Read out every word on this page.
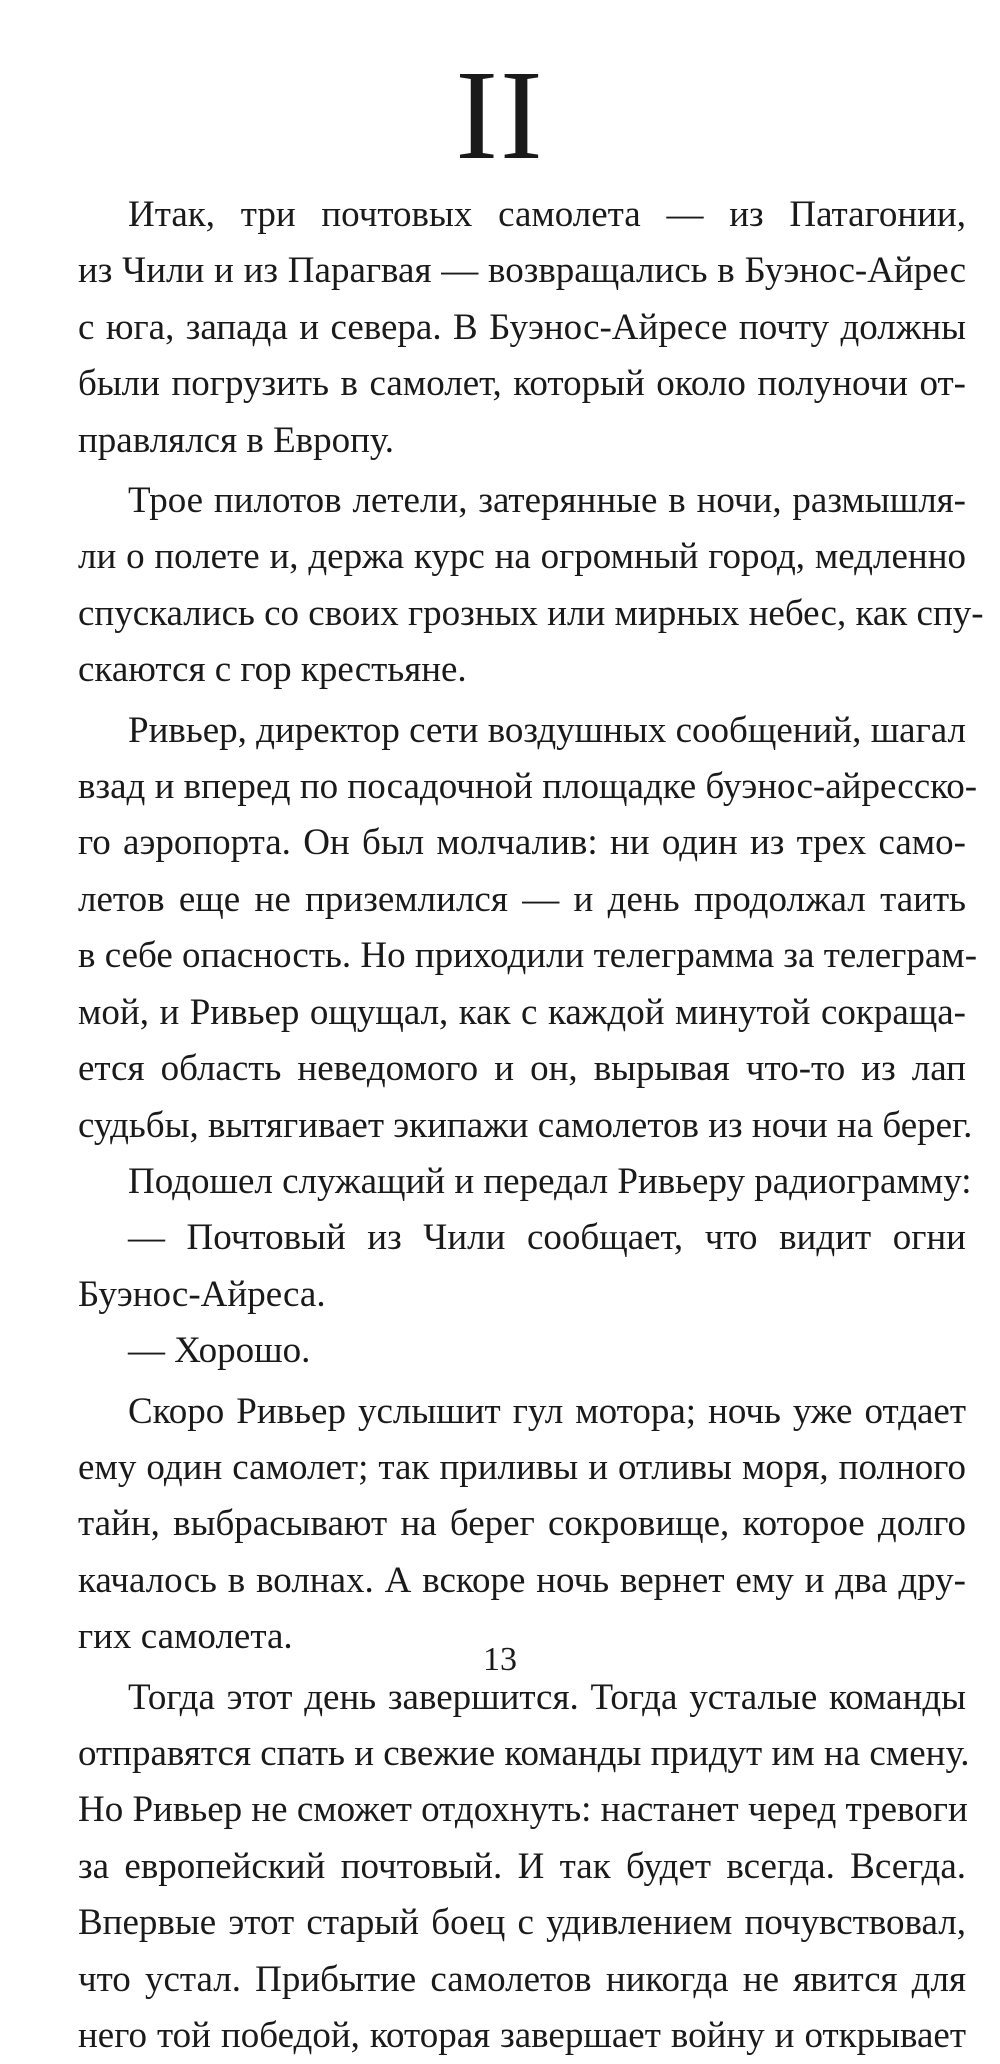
II
Итак, три почтовых самолета — из Патагонии,
из Чили и из Парагвая — возвращались в Буэнос-Айрес
с юга, запада и севера. В Буэнос-Айресе почту должны
были погрузить в самолет, который около полуночи от-
правлялся в Европу.
Трое пилотов летели, затерянные в ночи, размышля-
ли о полете и, держа курс на огромный город, медленно
спускались со своих грозных или мирных небес, как спу-
скаются с гор крестьяне.
Ривьер, директор сети воздушных сообщений, шагал
взад и вперед по посадочной площадке буэнос-айресско-
го аэропорта. Он был молчалив: ни один из трех само-
летов еще не приземлился — и день продолжал таить
в себе опасность. Но приходили телеграмма за телеграм-
мой, и Ривьер ощущал, как с каждой минутой сокраща-
ется область неведомого и он, вырывая что-то из лап
судьбы, вытягивает экипажи самолетов из ночи на берег.
Подошел служащий и передал Ривьеру радиограмму:
— Почтовый из Чили сообщает, что видит огни
Буэнос-Айреса.
— Хорошо.
Скоро Ривьер услышит гул мотора; ночь уже отдает
ему один самолет; так приливы и отливы моря, полного
тайн, выбрасывают на берег сокровище, которое долго
качалось в волнах. А вскоре ночь вернет ему и два дру-
гих самолета.
Тогда этот день завершится. Тогда усталые команды
отправятся спать и свежие команды придут им на смену.
Но Ривьер не сможет отдохнуть: настанет черед тревоги
за европейский почтовый. И так будет всегда. Всегда.
Впервые этот старый боец с удивлением почувствовал,
что устал. Прибытие самолетов никогда не явится для
него той победой, которая завершает войну и открывает
13
